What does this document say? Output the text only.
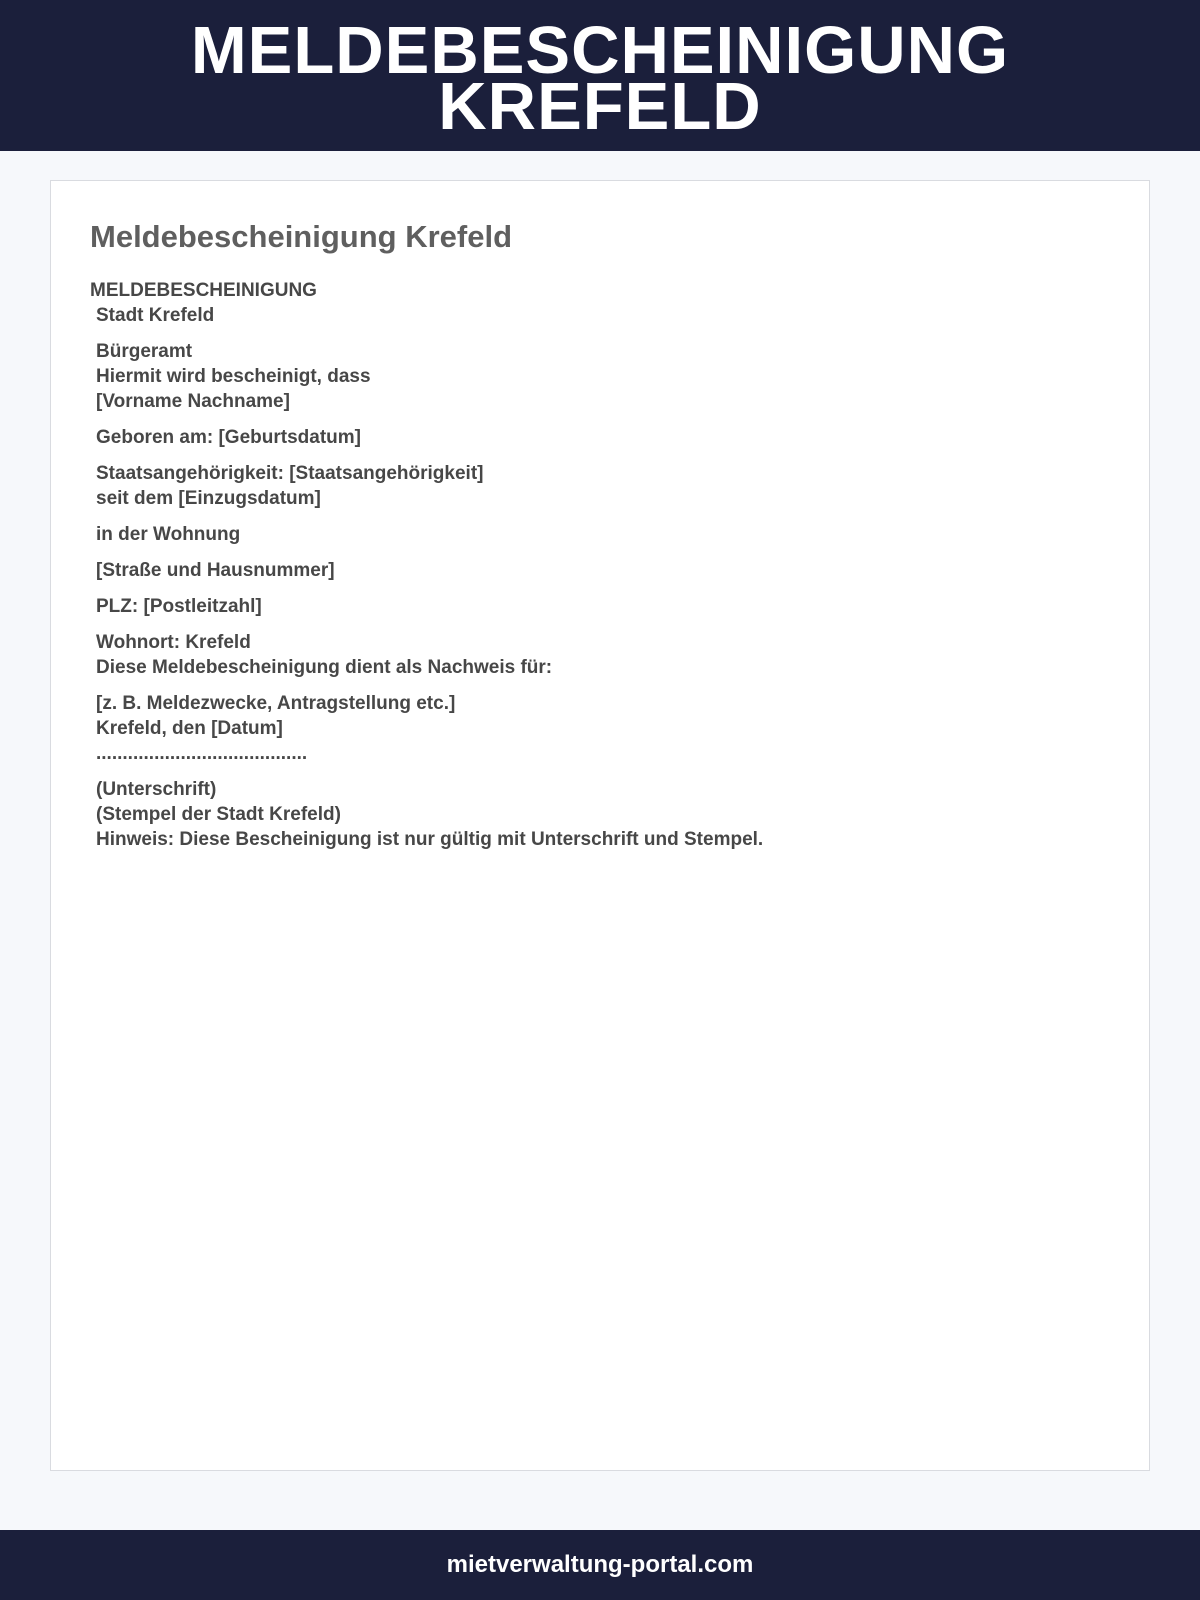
MELDEBESCHEINIGUNG
KREFELD
Meldebescheinigung Krefeld
MELDEBESCHEINIGUNG
Stadt Krefeld
Bürgeramt
Hiermit wird bescheinigt, dass
[Vorname Nachname]
Geboren am: [Geburtsdatum]
Staatsangehörigkeit: [Staatsangehörigkeit]
seit dem [Einzugsdatum]
in der Wohnung
[Straße und Hausnummer]
PLZ: [Postleitzahl]
Wohnort: Krefeld
Diese Meldebescheinigung dient als Nachweis für:
[z. B. Meldezwecke, Antragstellung etc.]
Krefeld, den [Datum]
........................................
(Unterschrift)
(Stempel der Stadt Krefeld)
Hinweis: Diese Bescheinigung ist nur gültig mit Unterschrift und Stempel.
mietverwaltung-portal.com
